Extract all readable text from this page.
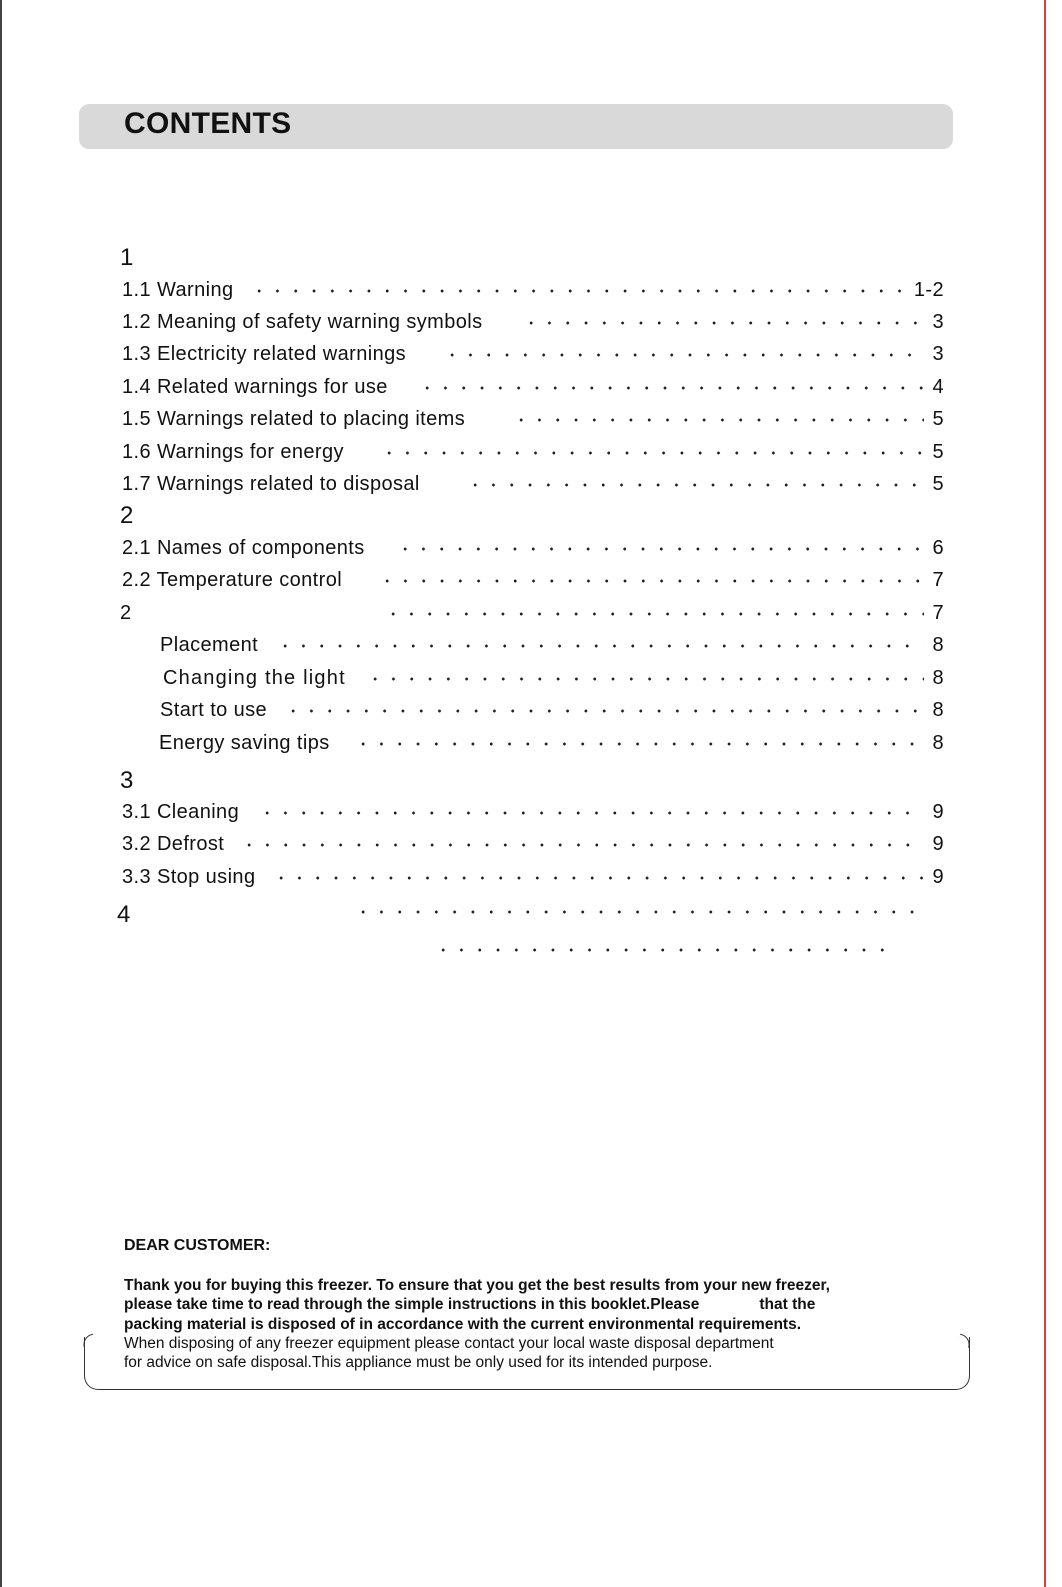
CONTENTS
1
2
3
4
1.1 Warning	1-2
1.2 Meaning of safety warning symbols	3
1.3 Electricity related warnings	3
1.4 Related warnings for use	4
1.5 Warnings related to placing items	5
1.6 Warnings for energy	5
1.7 Warnings related to disposal	5
2.1 Names of components	6
2.2 Temperature control	7
2	7
Placement	8
Changing the light	8
Start to use	8
Energy saving tips	8
3.1 Cleaning	9
3.2 Defrost	9
3.3 Stop using	9
DEAR CUSTOMER:
Thank you for buying this freezer. To ensure that you get the best results from your new freezer,
please take time to read through the simple instructions in this booklet.Please	that the
packing material is disposed of in accordance with the current environmental requirements.
When disposing of any freezer equipment please contact your local waste disposal department
for advice on safe disposal.This appliance must be only used for its intended purpose.
